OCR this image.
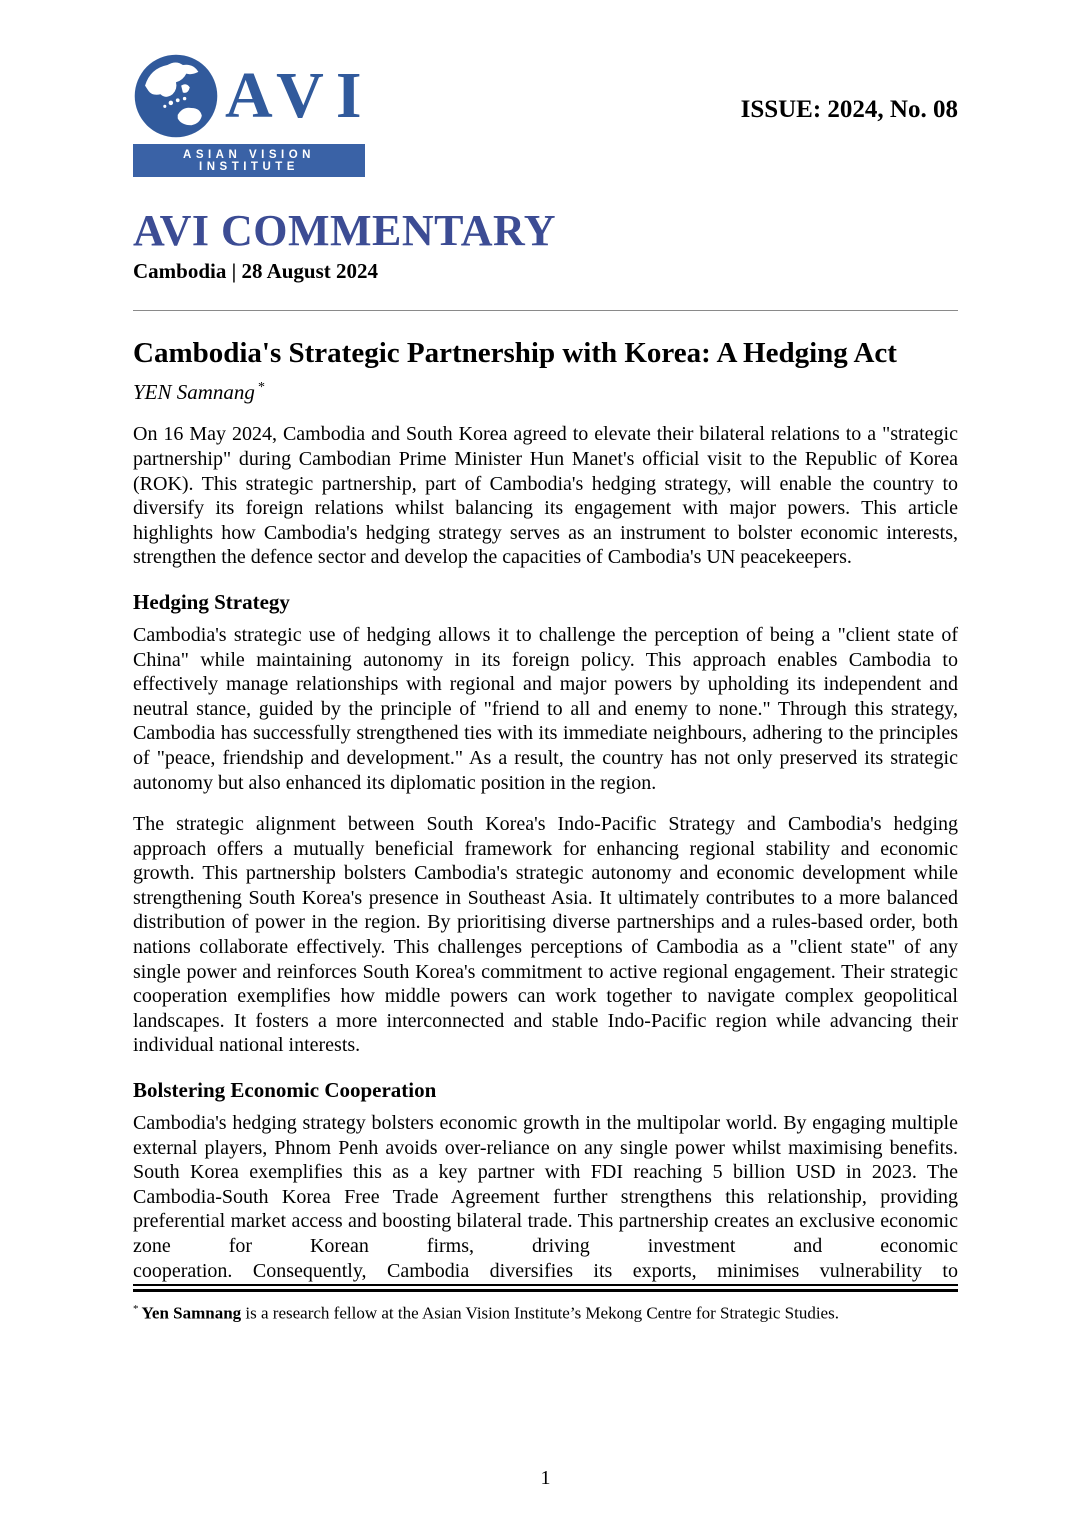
AVI
ASIAN VISION INSTITUTE
ISSUE: 2024, No. 08
AVI COMMENTARY
Cambodia | 28 August 2024
Cambodia's Strategic Partnership with Korea: A Hedging Act
YEN Samnang *

On 16 May 2024, Cambodia and South Korea agreed to elevate their bilateral relations to a "strategic partnership" during Cambodian Prime Minister Hun Manet's official visit to the Republic of Korea (ROK). This strategic partnership, part of Cambodia's hedging strategy, will enable the country to diversify its foreign relations whilst balancing its engagement with major powers. This article highlights how Cambodia's hedging strategy serves as an instrument to bolster economic interests, strengthen the defence sector and develop the capacities of Cambodia's UN peacekeepers.

Hedging Strategy

Cambodia's strategic use of hedging allows it to challenge the perception of being a "client state of China" while maintaining autonomy in its foreign policy. This approach enables Cambodia to effectively manage relationships with regional and major powers by upholding its independent and neutral stance, guided by the principle of "friend to all and enemy to none." Through this strategy, Cambodia has successfully strengthened ties with its immediate neighbours, adhering to the principles of "peace, friendship and development." As a result, the country has not only preserved its strategic autonomy but also enhanced its diplomatic position in the region.

The strategic alignment between South Korea's Indo-Pacific Strategy and Cambodia's hedging approach offers a mutually beneficial framework for enhancing regional stability and economic growth. This partnership bolsters Cambodia's strategic autonomy and economic development while strengthening South Korea's presence in Southeast Asia. It ultimately contributes to a more balanced distribution of power in the region. By prioritising diverse partnerships and a rules-based order, both nations collaborate effectively. This challenges perceptions of Cambodia as a "client state" of any single power and reinforces South Korea's commitment to active regional engagement. Their strategic cooperation exemplifies how middle powers can work together to navigate complex geopolitical landscapes. It fosters a more interconnected and stable Indo-Pacific region while advancing their individual national interests.

Bolstering Economic Cooperation

Cambodia's hedging strategy bolsters economic growth in the multipolar world. By engaging multiple external players, Phnom Penh avoids over-reliance on any single power whilst maximising benefits. South Korea exemplifies this as a key partner with FDI reaching 5 billion USD in 2023. The Cambodia-South Korea Free Trade Agreement further strengthens this relationship, providing preferential market access and boosting bilateral trade. This partnership creates an exclusive economic zone for Korean firms, driving investment and economic

cooperation. Consequently, Cambodia diversifies its exports, minimises vulnerability to
* Yen Samnang is a research fellow at the Asian Vision Institute’s Mekong Centre for Strategic Studies.
1
